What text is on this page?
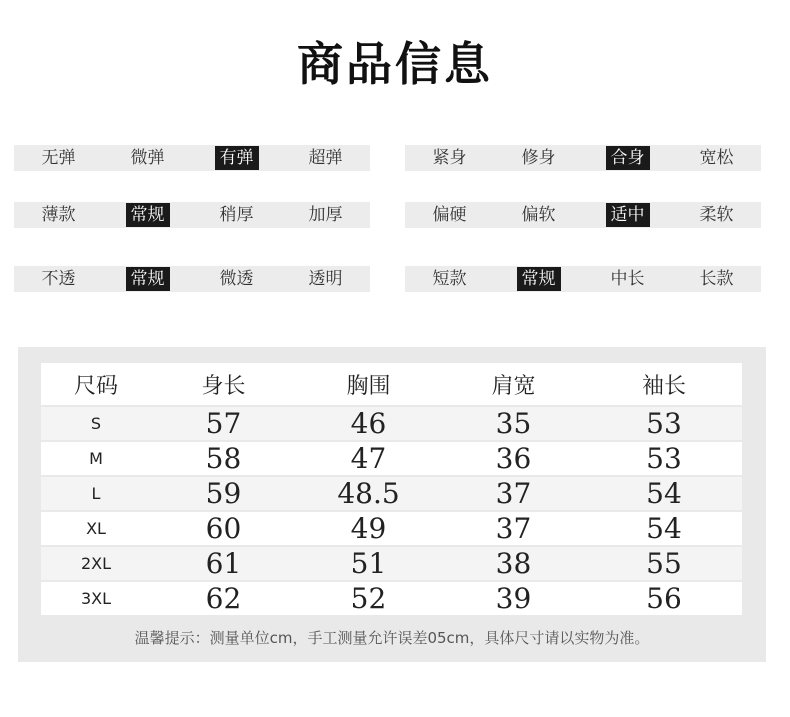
商品信息
无弹	微弹	有弹	超弹	紧身	修身	合身	宽松
薄款	常规	稍厚	加厚	偏硬	偏软	适中	柔软
不透	常规	微透	透明	短款	常规	中长	长款
尺码	身长	胸围	肩宽	袖长
S	57	46	35	53
M	58	47	36	53
L	59	48.5	37	54
XL	60	49	37	54
2XL	61	51	38	55
3XL	62	52	39	56
温馨提示：测量单位cm，手工测量允许误差05cm，具体尺寸请以实物为准。
